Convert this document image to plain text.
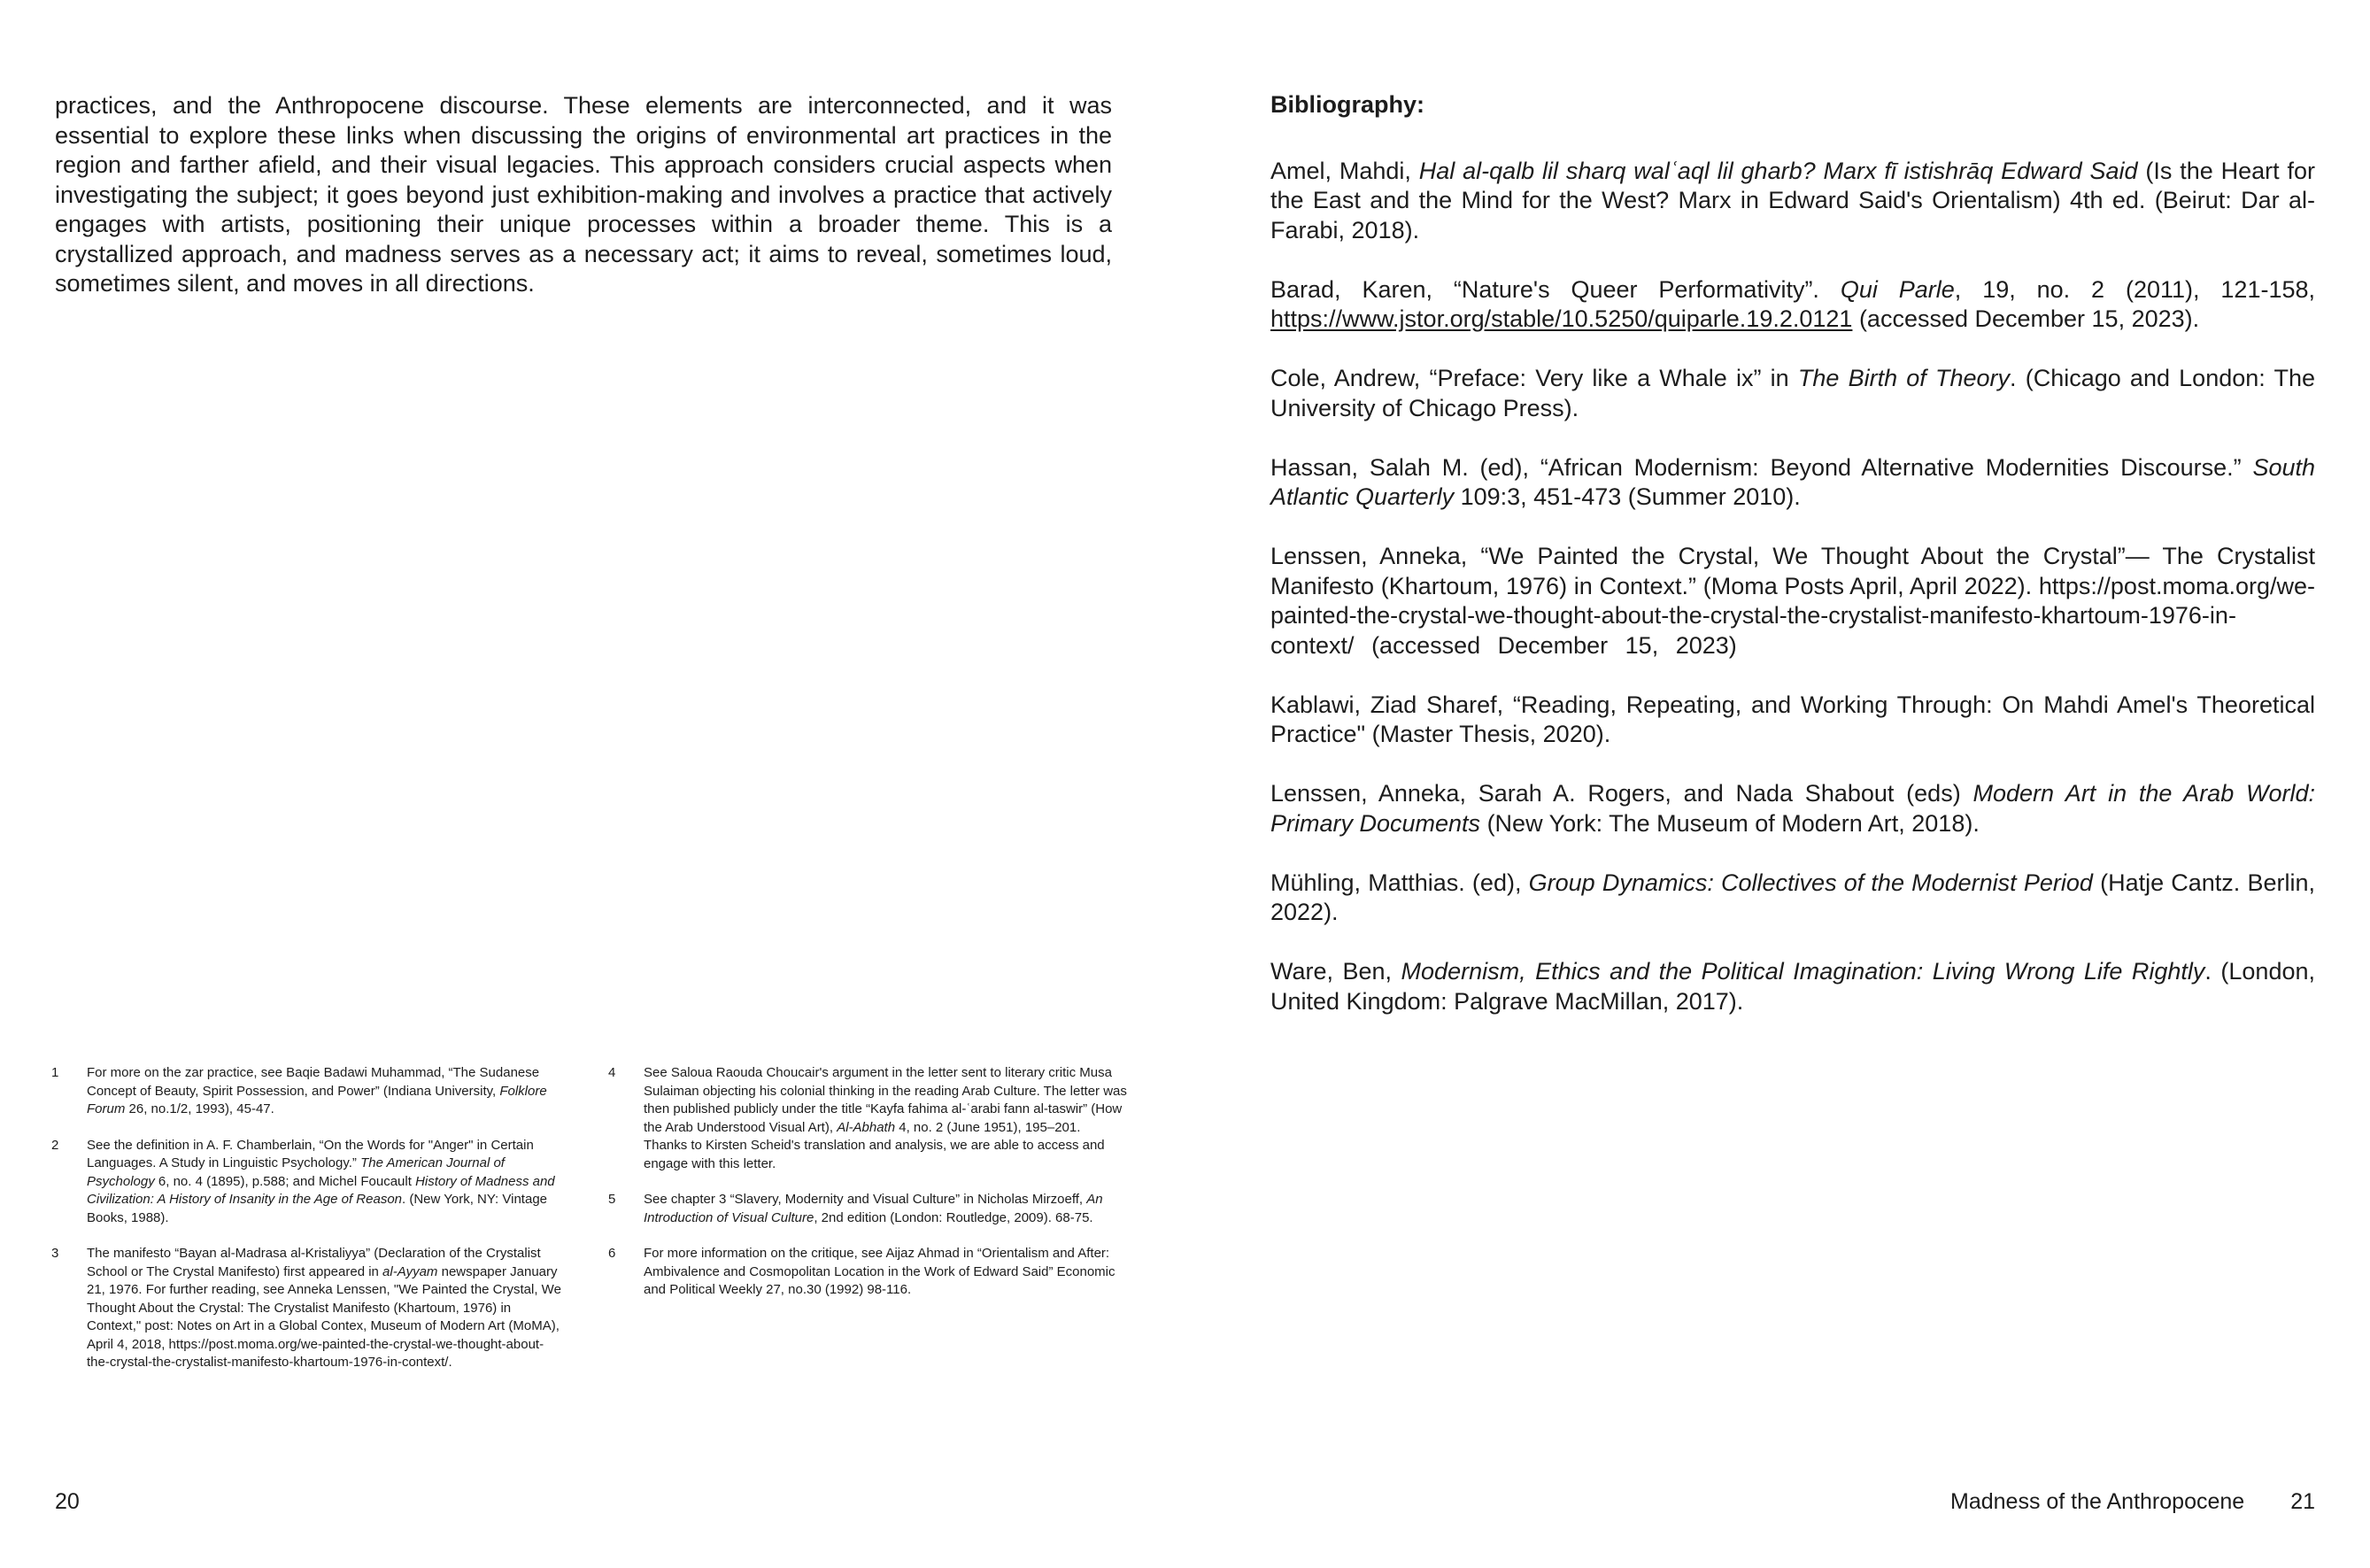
practices, and the Anthropocene discourse. These elements are interconnected, and it was essential to explore these links when discussing the origins of environmental art practices in the region and farther afield, and their visual legacies. This approach considers crucial aspects when investigating the subject; it goes beyond just exhibition-making and involves a practice that actively engages with artists, positioning their unique processes within a broader theme. This is a crystallized approach, and madness serves as a necessary act; it aims to reveal, sometimes loud, sometimes silent, and moves in all directions.

1	For more on the zar practice, see Baqie Badawi Muhammad, “The Sudanese Concept of Beauty, Spirit Possession, and Power” (Indiana University, Folklore Forum 26, no.1/2, 1993), 45-47.
2	See the definition in A. F. Chamberlain, “On the Words for "Anger" in Certain Languages. A Study in Linguistic Psychology.” The American Journal of Psychology 6, no. 4 (1895), p.588; and Michel Foucault History of Madness and Civilization: A History of Insanity in the Age of Reason. (New York, NY: Vintage Books, 1988).
3	The manifesto “Bayan al-Madrasa al-Kristaliyya” (Declaration of the Crystalist School or The Crystal Manifesto) first appeared in al-Ayyam newspaper January 21, 1976. For further reading, see Anneka Lenssen, "We Painted the Crystal, We Thought About the Crystal: The Crystalist Manifesto (Khartoum, 1976) in Context," post: Notes on Art in a Global Contex, Museum of Modern Art (MoMA), April 4, 2018, https://post.moma.org/we-painted-the-crystal-we-thought-about-the-crystal-the-crystalist-manifesto-khartoum-1976-in-context/.
4	See Saloua Raouda Choucair's argument in the letter sent to literary critic Musa Sulaiman objecting his colonial thinking in the reading Arab Culture. The letter was then published publicly under the title “Kayfa fahima al-ʿarabi fann al-taswir” (How the Arab Understood Visual Art), Al-Abhath 4, no. 2 (June 1951), 195–201. Thanks to Kirsten Scheid's translation and analysis, we are able to access and engage with this letter.
5	See chapter 3 “Slavery, Modernity and Visual Culture” in Nicholas Mirzoeff, An Introduction of Visual Culture, 2nd edition (London: Routledge, 2009). 68-75.
6	For more information on the critique, see Aijaz Ahmad in “Orientalism and After: Ambivalence and Cosmopolitan Location in the Work of Edward Said” Economic and Political Weekly 27, no.30 (1992) 98-116.
20
Bibliography:

Amel, Mahdi, Hal al-qalb lil sharq walʿaql lil gharb? Marx fī istishrāq Edward Said (Is the Heart for the East and the Mind for the West? Marx in Edward Said's Orientalism) 4th ed. (Beirut: Dar al-Farabi, 2018).

Barad, Karen, “Nature's Queer Performativity”. Qui Parle, 19, no. 2 (2011), 121-158, https://www.jstor.org/stable/10.5250/quiparle.19.2.0121 (accessed December 15, 2023).

Cole, Andrew, “Preface: Very like a Whale ix” in The Birth of Theory. (Chicago and London: The University of Chicago Press).

Hassan, Salah M. (ed), “African Modernism: Beyond Alternative Modernities Discourse.” South Atlantic Quarterly 109:3, 451-473 (Summer 2010).

Lenssen, Anneka, “We Painted the Crystal, We Thought About the Crystal”— The Crystalist Manifesto (Khartoum, 1976) in Context.” (Moma Posts April, April 2022). https://post.moma.org/we-painted-the-crystal-we-thought-about-the-crystal-the-crystalist-manifesto-khartoum-1976-in-context/ (accessed December 15, 2023)

Kablawi, Ziad Sharef, “Reading, Repeating, and Working Through: On Mahdi Amel's Theoretical Practice" (Master Thesis, 2020).

Lenssen, Anneka, Sarah A. Rogers, and Nada Shabout (eds) Modern Art in the Arab World: Primary Documents (New York: The Museum of Modern Art, 2018).

Mühling, Matthias. (ed), Group Dynamics: Collectives of the Modernist Period (Hatje Cantz. Berlin, 2022).

Ware, Ben, Modernism, Ethics and the Political Imagination: Living Wrong Life Rightly. (London, United Kingdom: Palgrave MacMillan, 2017).

Madness of the Anthropocene 21
